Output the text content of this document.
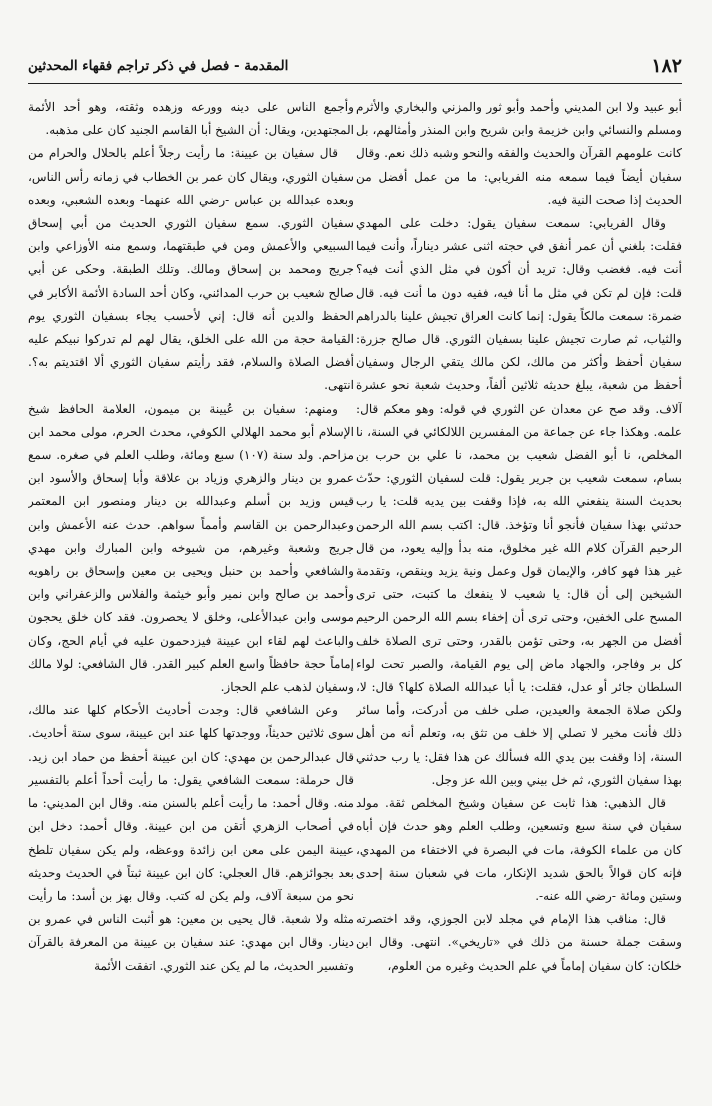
١٨٢
المقدمة - فصل في ذكر تراجم فقهاء المحدثين

أبو عبيد ولا ابن المديني وأحمد وأبو ثور والمزني والبخاري والأثرم ومسلم والنسائي وابن خزيمة وابن شريح وابن المنذر وأمثالهم، بل كانت علومهم القرآن والحديث والفقه والنحو وشبه ذلك نعم. وقال سفيان أيضاً فيما سمعه منه الفريابي: ما من عمل أفضل من الحديث إذا صحت النية فيه.

وقال الفريابي: سمعت سفيان يقول: دخلت على المهدي فقلت: بلغني أن عمر أنفق في حجته اثنى عشر ديناراً، وأنت فيما أنت فيه. فغضب وقال: تريد أن أكون في مثل الذي أنت فيه؟ قلت: فإن لم تكن في مثل ما أنا فيه، ففيه دون ما أنت فيه. قال ضمرة: سمعت مالكاً يقول: إنما كانت العراق تجيش علينا بالدراهم والثياب، ثم صارت تجيش علينا بسفيان الثوري. قال صالح جزرة: سفيان أحفظ وأكثر من مالك، لكن مالك يتقي الرجال وسفيان أحفظ من شعبة، يبلغ حديثه ثلاثين ألفاً، وحديث شعبة نحو عشرة آلاف. وقد صح عن معدان عن الثوري في قوله: وهو معكم قال: علمه. وهكذا جاء عن جماعة من المفسرين اللالكائي في السنة، نا المخلص، نا أبو الفضل شعيب بن محمد، نا علي بن حرب بن بسام، سمعت شعيب بن جرير يقول: قلت لسفيان الثوري: حدّث بحديث السنة ينفعني الله به، فإذا وقفت بين يديه قلت: يا رب حدثني بهذا سفيان فأنجو أنا وتؤخذ. قال: اكتب بسم الله الرحمن الرحيم القرآن كلام الله غير مخلوق، منه بدأ وإليه يعود، من قال غير هذا فهو كافر، والإيمان قول وعمل ونية يزيد وينقص، وتقدمة الشيخين إلى أن قال: يا شعيب لا ينفعك ما كتبت، حتى ترى المسح على الخفين، وحتى ترى أن إخفاء بسم الله الرحمن الرحيم أفضل من الجهر به، وحتى تؤمن بالقدر، وحتى ترى الصلاة خلف كل بر وفاجر، والجهاد ماض إلى يوم القيامة، والصبر تحت لواء السلطان جائر أو عدل، فقلت: يا أبا عبدالله الصلاة كلها؟ قال: لا، ولكن صلاة الجمعة والعيدين، صلى خلف من أدركت، وأما سائر ذلك فأنت مخير لا تصلي إلا خلف من تثق به، وتعلم أنه من أهل السنة، إذا وقفت بين يدي الله فسألك عن هذا فقل: يا رب حدثني بهذا سفيان الثوري، ثم خل بيني وبين الله عز وجل.

قال الذهبي: هذا ثابت عن سفيان وشيخ المخلص ثقة. مولد سفيان في سنة سبع وتسعين، وطلب العلم وهو حدث فإن أباه كان من علماء الكوفة، مات في البصرة في الاختفاء من المهدي، فإنه كان قوالاً بالحق شديد الإنكار، مات في شعبان سنة إحدى وستين ومائة -رضي الله عنه-.

قال: مناقب هذا الإمام في مجلد لابن الجوزي، وقد اختصرته وسقت جملة حسنة من ذلك في «تاريخي». انتهى. وقال ابن خلكان: كان سفيان إماماً في علم الحديث وغيره من العلوم،

وأجمع الناس على دينه وورعه وزهده وثقته، وهو أحد الأئمة المجتهدين، ويقال: أن الشيخ أبا القاسم الجنيد كان على مذهبه.

قال سفيان بن عيينة: ما رأيت رجلاً أعلم بالحلال والحرام من سفيان الثوري، ويقال كان عمر بن الخطاب في زمانه رأس الناس، وبعده عبدالله بن عباس -رضي الله عنهما- وبعده الشعبي، وبعده سفيان الثوري. سمع سفيان الثوري الحديث من أبي إسحاق السبيعي والأعمش ومن في طبقتهما، وسمع منه الأوزاعي وابن جريج ومحمد بن إسحاق ومالك. وتلك الطبقة. وحكى عن أبي صالح شعيب بن حرب المدائني، وكان أحد السادة الأئمة الأكابر في الحفظ والدين أنه قال: إني لأحسب يجاء بسفيان الثوري يوم القيامة حجة من الله على الخلق، يقال لهم لم تدركوا نبيكم عليه أفضل الصلاة والسلام، فقد رأيتم سفيان الثوري ألا اقتديتم به؟. انتهى.

ومنهم: سفيان بن عُيينة بن ميمون، العلامة الحافظ شيخ الإسلام أبو محمد الهلالي الكوفي، محدث الحرم، مولى محمد ابن مزاحم. ولد سنة (١٠٧) سبع ومائة، وطلب العلم في صغره. سمع عمرو بن دينار والزهري وزياد بن علاقة وأبا إسحاق والأسود ابن قيس وزيد بن أسلم وعبدالله بن دينار ومنصور ابن المعتمر وعبدالرحمن بن القاسم وأمماً سواهم. حدث عنه الأعمش وابن جريج وشعبة وغيرهم، من شيوخه وابن المبارك وابن مهدي والشافعي وأحمد بن حنبل ويحيى بن معين وإسحاق بن راهويه وأحمد بن صالح وابن نمير وأبو خيثمة والفلاس والزعفراني وابن موسى وابن عبدالأعلى، وخلق لا يحصرون. فقد كان خلق يحجون والباعث لهم لقاء ابن عيينة فيزدحمون عليه في أيام الحج، وكان إماماً حجة حافظاً واسع العلم كبير القدر. قال الشافعي: لولا مالك وسفيان لذهب علم الحجاز.

وعن الشافعي قال: وجدت أحاديث الأحكام كلها عند مالك، سوى ثلاثين حديثاً، ووجدتها كلها عند ابن عيينة، سوى ستة أحاديث. قال عبدالرحمن بن مهدي: كان ابن عيينة أحفظ من حماد ابن زيد. قال حرملة: سمعت الشافعي يقول: ما رأيت أحداً أعلم بالتفسير منه. وقال أحمد: ما رأيت أعلم بالسنن منه. وقال ابن المديني: ما في أصحاب الزهري أتقن من ابن عيينة. وقال أحمد: دخل ابن عيينة اليمن على معن ابن زائدة ووعظه، ولم يكن سفيان تلطخ بعد بجوائزهم. قال العجلي: كان ابن عيينة ثبتاً في الحديث وحديثه نحو من سبعة آلاف، ولم يكن له كتب. وقال بهز بن أسد: ما رأيت مثله ولا شعبة. قال يحيى بن معين: هو أثبت الناس في عمرو بن دينار. وقال ابن مهدي: عند سفيان بن عيينة من المعرفة بالقرآن وتفسير الحديث، ما لم يكن عند الثوري. اتفقت الأئمة
